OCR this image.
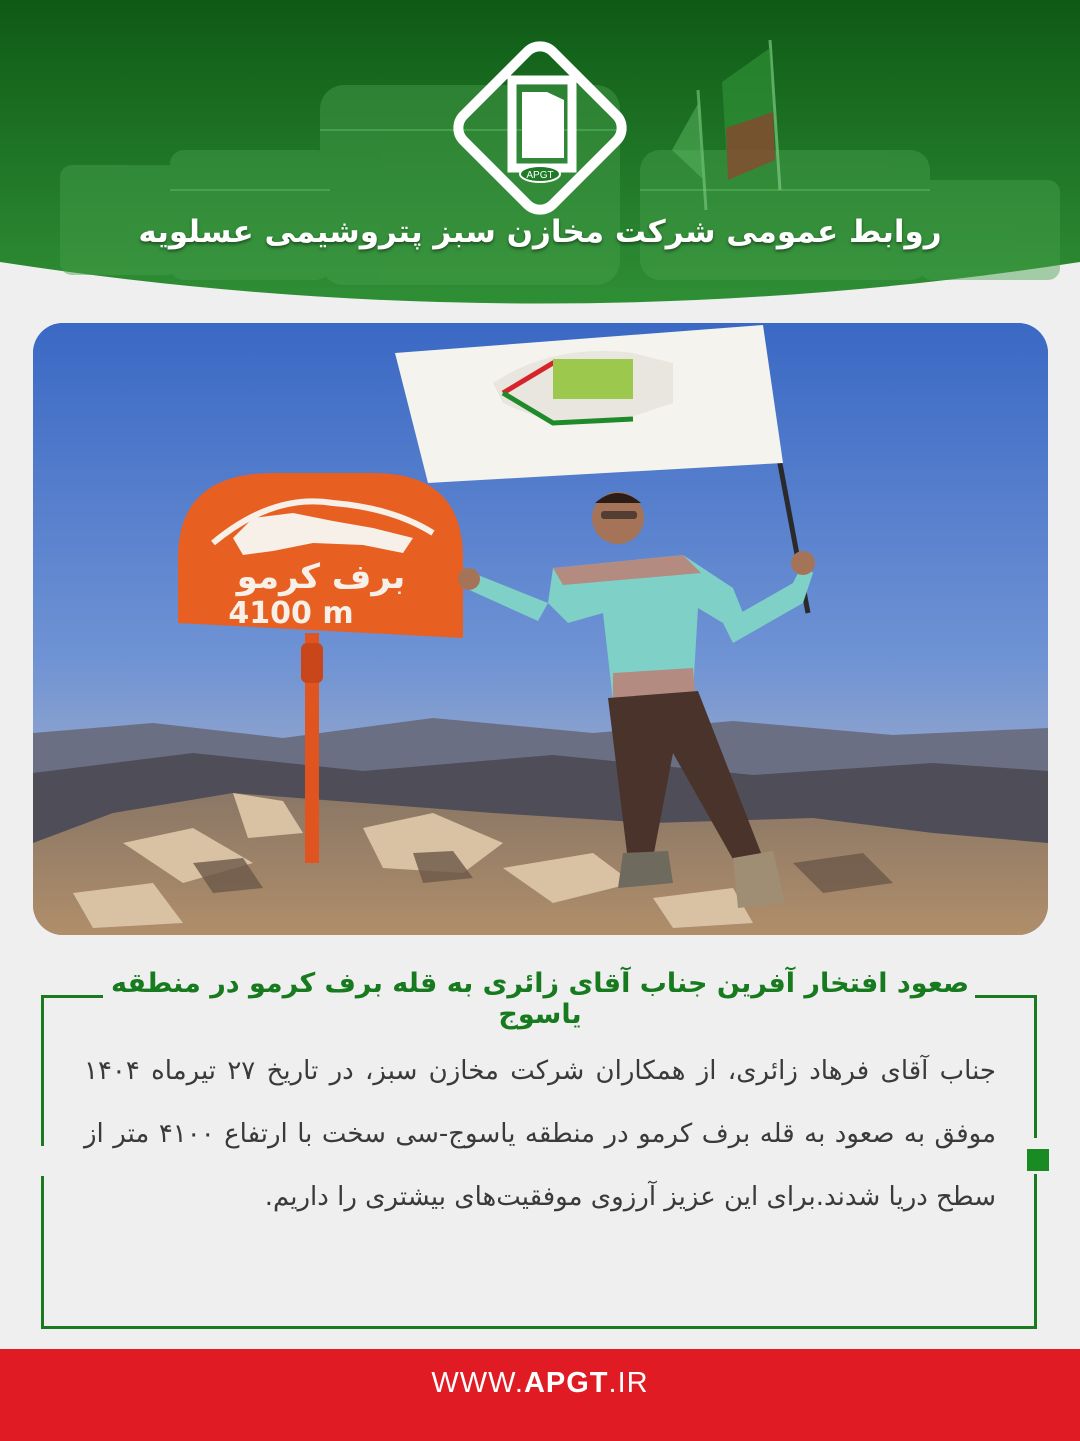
APGT
روابط عمومی شرکت مخازن سبز پتروشیمی عسلویه
برف کرمو
4100 m
صعود افتخار آفرین جناب آقای زائری به قله برف کرمو در منطقه یاسوج
جناب آقای فرهاد زائری، از همکاران شرکت مخازن سبز، در تاریخ ۲۷ تیرماه ۱۴۰۴ موفق به صعود به قله برف کرمو در منطقه یاسوج-سی سخت با ارتفاع ۴۱۰۰ متر از سطح دریا شدند.برای این عزیز آرزوی موفقیت‌های بیشتری را داریم.
WWW.APGT.IR
